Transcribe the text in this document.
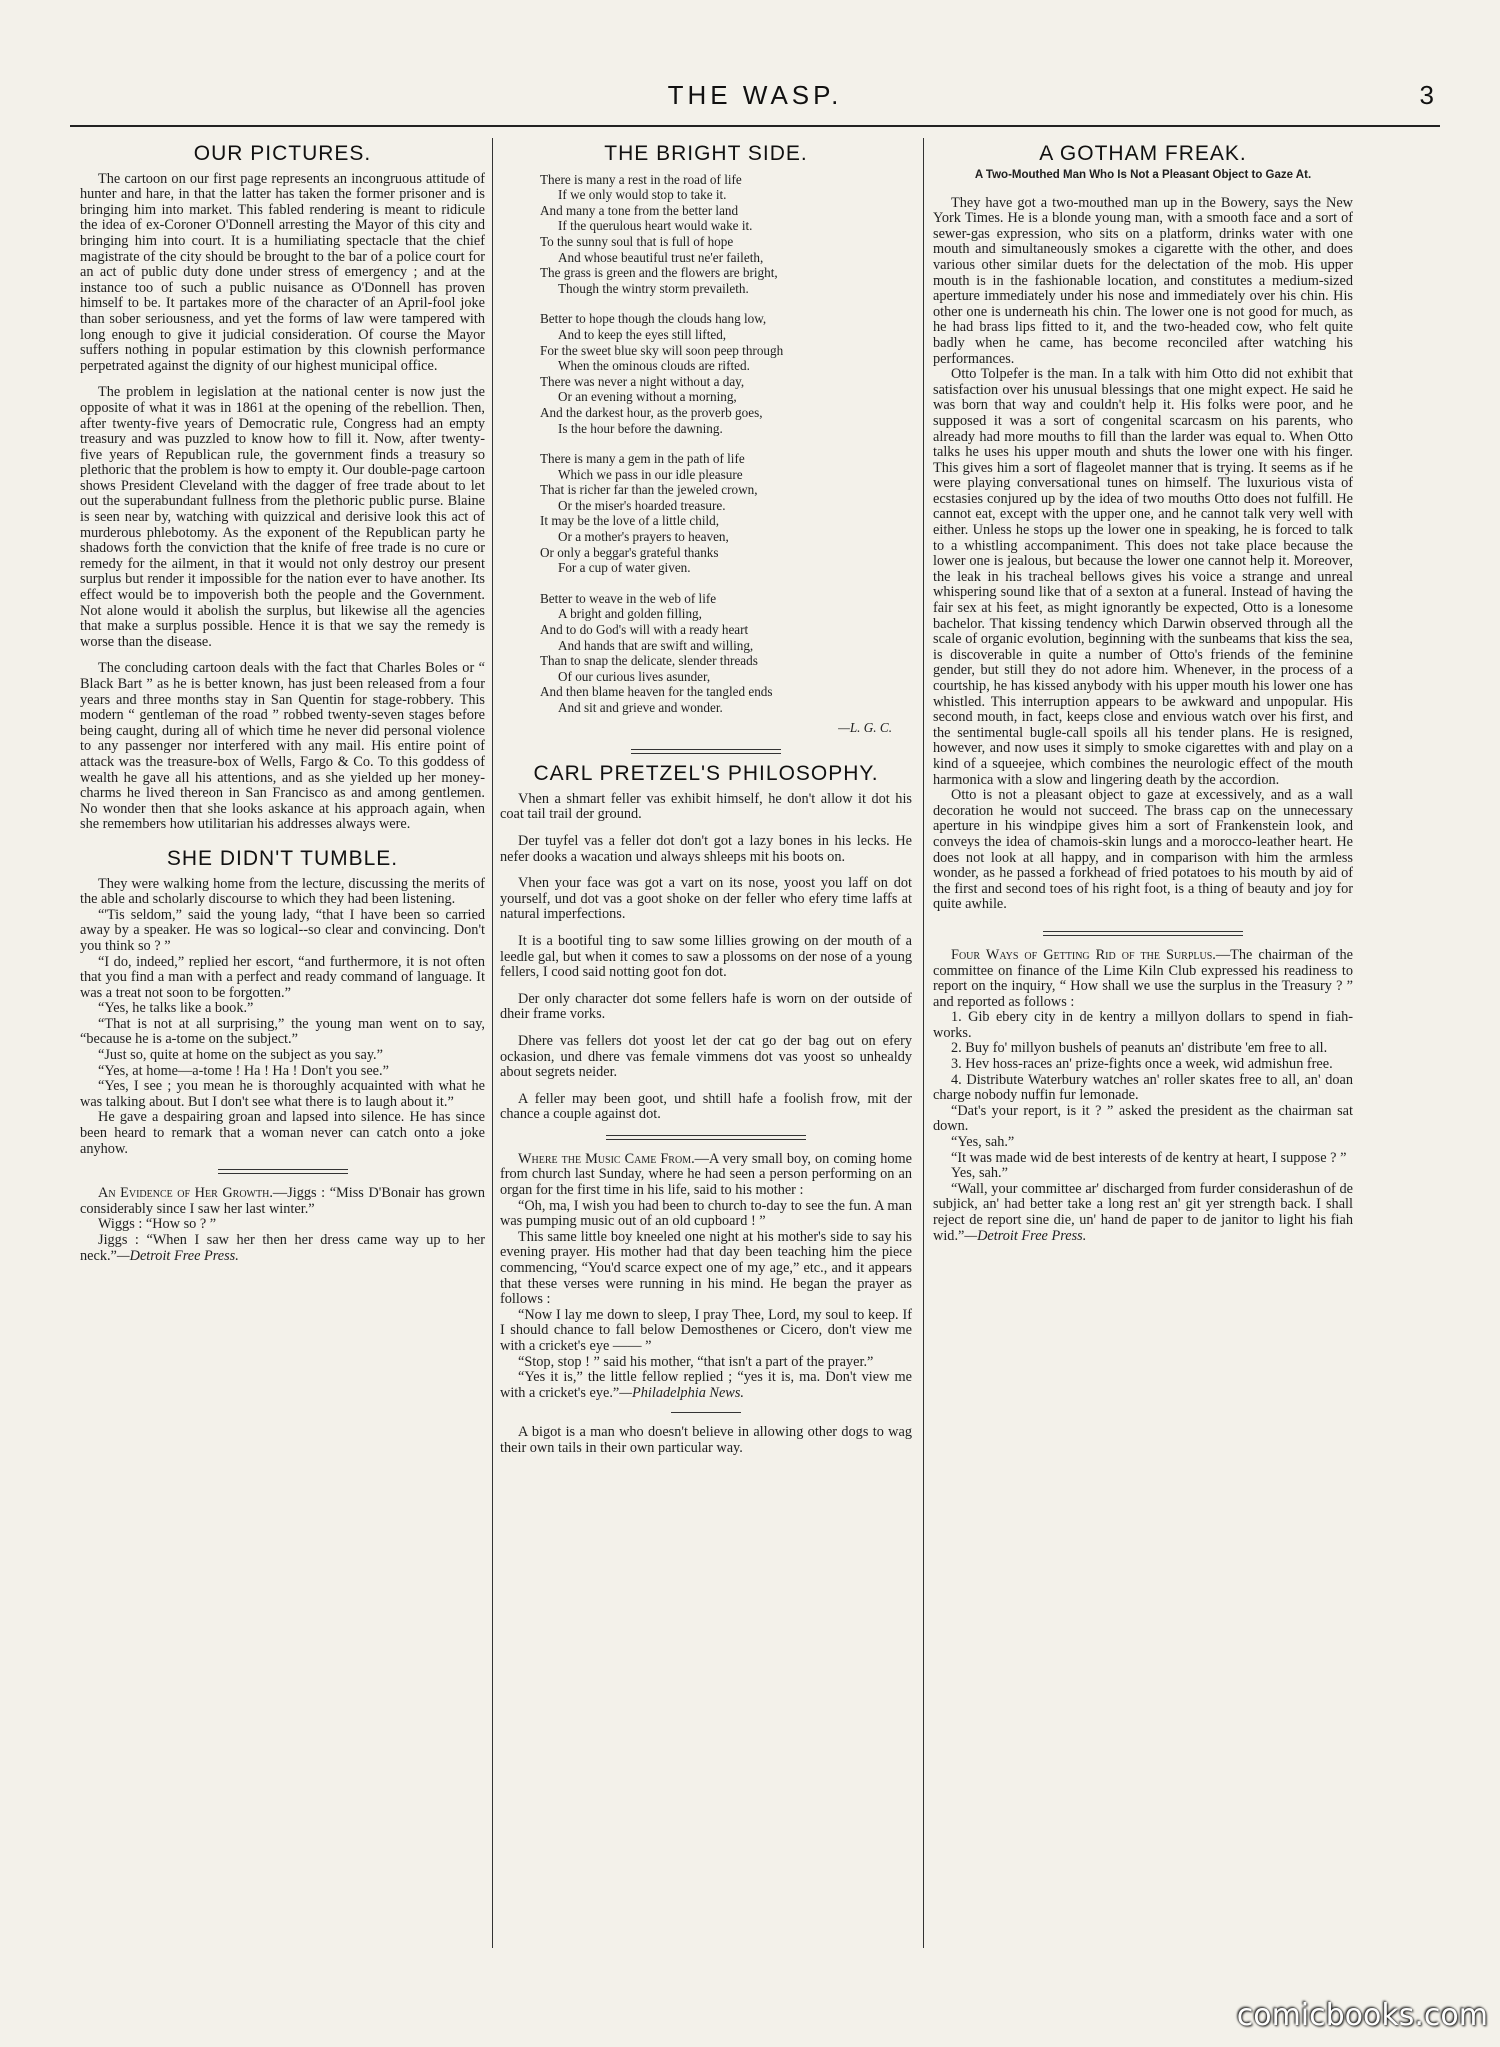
THE WASP.	3
OUR PICTURES.

The cartoon on our first page represents an incongruous attitude of hunter and hare, in that the latter has taken the former prisoner and is bringing him into market. This fabled rendering is meant to ridicule the idea of ex-Coroner O'Donnell arresting the Mayor of this city and bringing him into court. It is a humiliating spectacle that the chief magistrate of the city should be brought to the bar of a police court for an act of public duty done under stress of emergency ; and at the instance too of such a public nuisance as O'Donnell has proven himself to be. It partakes more of the character of an April-fool joke than sober seriousness, and yet the forms of law were tampered with long enough to give it judicial consideration. Of course the Mayor suffers nothing in popular estimation by this clownish performance perpetrated against the dignity of our highest municipal office.

The problem in legislation at the national center is now just the opposite of what it was in 1861 at the opening of the rebellion. Then, after twenty-five years of Democratic rule, Congress had an empty treasury and was puzzled to know how to fill it. Now, after twenty-five years of Republican rule, the government finds a treasury so plethoric that the problem is how to empty it. Our double-page cartoon shows President Cleveland with the dagger of free trade about to let out the superabundant fullness from the plethoric public purse. Blaine is seen near by, watching with quizzical and derisive look this act of murderous phlebotomy. As the exponent of the Republican party he shadows forth the conviction that the knife of free trade is no cure or remedy for the ailment, in that it would not only destroy our present surplus but render it impossible for the nation ever to have another. Its effect would be to impoverish both the people and the Government. Not alone would it abolish the surplus, but likewise all the agencies that make a surplus possible. Hence it is that we say the remedy is worse than the disease.

The concluding cartoon deals with the fact that Charles Boles or “ Black Bart ” as he is better known, has just been released from a four years and three months stay in San Quentin for stage-robbery. This modern “ gentleman of the road ” robbed twenty-seven stages before being caught, during all of which time he never did personal violence to any passenger nor interfered with any mail. His entire point of attack was the treasure-box of Wells, Fargo & Co. To this goddess of wealth he gave all his attentions, and as she yielded up her money-charms he lived thereon in San Francisco as and among gentlemen. No wonder then that she looks askance at his approach again, when she remembers how utilitarian his addresses always were.

SHE DIDN'T TUMBLE.

They were walking home from the lecture, discussing the merits of the able and scholarly discourse to which they had been listening.

“'Tis seldom,” said the young lady, “that I have been so carried away by a speaker. He was so logical--so clear and convincing. Don't you think so ? ”

“I do, indeed,” replied her escort, “and furthermore, it is not often that you find a man with a perfect and ready command of language. It was a treat not soon to be forgotten.”

“Yes, he talks like a book.”

“That is not at all surprising,” the young man went on to say, “because he is a-tome on the subject.”

“Just so, quite at home on the subject as you say.”

“Yes, at home—a-tome ! Ha ! Ha ! Don't you see.”

“Yes, I see ; you mean he is thoroughly acquainted with what he was talking about. But I don't see what there is to laugh about it.”

He gave a despairing groan and lapsed into silence. He has since been heard to remark that a woman never can catch onto a joke anyhow.

An Evidence of Her Growth.—Jiggs : “Miss D'Bonair has grown considerably since I saw her last winter.”

Wiggs : “How so ? ”

Jiggs : “When I saw her then her dress came way up to her neck.”—Detroit Free Press.

THE BRIGHT SIDE.
There is many a rest in the road of life
If we only would stop to take it.
And many a tone from the better land
If the querulous heart would wake it.
To the sunny soul that is full of hope
And whose beautiful trust ne'er faileth,
The grass is green and the flowers are bright,
Though the wintry storm prevaileth.
Better to hope though the clouds hang low,
And to keep the eyes still lifted,
For the sweet blue sky will soon peep through
When the ominous clouds are rifted.
There was never a night without a day,
Or an evening without a morning,
And the darkest hour, as the proverb goes,
Is the hour before the dawning.
There is many a gem in the path of life
Which we pass in our idle pleasure
That is richer far than the jeweled crown,
Or the miser's hoarded treasure.
It may be the love of a little child,
Or a mother's prayers to heaven,
Or only a beggar's grateful thanks
For a cup of water given.
Better to weave in the web of life
A bright and golden filling,
And to do God's will with a ready heart
And hands that are swift and willing,
Than to snap the delicate, slender threads
Of our curious lives asunder,
And then blame heaven for the tangled ends
And sit and grieve and wonder.
—L. G. C.
CARL PRETZEL'S PHILOSOPHY.

Vhen a shmart feller vas exhibit himself, he don't allow it dot his coat tail trail der ground.

Der tuyfel vas a feller dot don't got a lazy bones in his lecks. He nefer dooks a wacation und always shleeps mit his boots on.

Vhen your face was got a vart on its nose, yoost you laff on dot yourself, und dot vas a goot shoke on der feller who efery time laffs at natural imperfections.

It is a bootiful ting to saw some lillies growing on der mouth of a leedle gal, but when it comes to saw a plossoms on der nose of a young fellers, I cood said notting goot fon dot.

Der only character dot some fellers hafe is worn on der outside of dheir frame vorks.

Dhere vas fellers dot yoost let der cat go der bag out on efery ockasion, und dhere vas female vimmens dot vas yoost so unhealdy about segrets neider.

A feller may been goot, und shtill hafe a foolish frow, mit der chance a couple against dot.

Where the Music Came From.—A very small boy, on coming home from church last Sunday, where he had seen a person performing on an organ for the first time in his life, said to his mother :

“Oh, ma, I wish you had been to church to-day to see the fun. A man was pumping music out of an old cupboard ! ”

This same little boy kneeled one night at his mother's side to say his evening prayer. His mother had that day been teaching him the piece commencing, “You'd scarce expect one of my age,” etc., and it appears that these verses were running in his mind. He began the prayer as follows :

“Now I lay me down to sleep, I pray Thee, Lord, my soul to keep. If I should chance to fall below Demosthenes or Cicero, don't view me with a cricket's eye —— ”

“Stop, stop ! ” said his mother, “that isn't a part of the prayer.”

“Yes it is,” the little fellow replied ; “yes it is, ma. Don't view me with a cricket's eye.”—Philadelphia News.

A bigot is a man who doesn't believe in allowing other dogs to wag their own tails in their own particular way.

A GOTHAM FREAK.
A Two-Mouthed Man Who Is Not a Pleasant Object to Gaze At.

They have got a two-mouthed man up in the Bowery, says the New York Times. He is a blonde young man, with a smooth face and a sort of sewer-gas expression, who sits on a platform, drinks water with one mouth and simultaneously smokes a cigarette with the other, and does various other similar duets for the delectation of the mob. His upper mouth is in the fashionable location, and constitutes a medium-sized aperture immediately under his nose and immediately over his chin. His other one is underneath his chin. The lower one is not good for much, as he had brass lips fitted to it, and the two-headed cow, who felt quite badly when he came, has become reconciled after watching his performances.

Otto Tolpefer is the man. In a talk with him Otto did not exhibit that satisfaction over his unusual blessings that one might expect. He said he was born that way and couldn't help it. His folks were poor, and he supposed it was a sort of congenital scarcasm on his parents, who already had more mouths to fill than the larder was equal to. When Otto talks he uses his upper mouth and shuts the lower one with his finger. This gives him a sort of flageolet manner that is trying. It seems as if he were playing conversational tunes on himself. The luxurious vista of ecstasies conjured up by the idea of two mouths Otto does not fulfill. He cannot eat, except with the upper one, and he cannot talk very well with either. Unless he stops up the lower one in speaking, he is forced to talk to a whistling accompaniment. This does not take place because the lower one is jealous, but because the lower one cannot help it. Moreover, the leak in his tracheal bellows gives his voice a strange and unreal whispering sound like that of a sexton at a funeral. Instead of having the fair sex at his feet, as might ignorantly be expected, Otto is a lonesome bachelor. That kissing tendency which Darwin observed through all the scale of organic evolution, beginning with the sunbeams that kiss the sea, is discoverable in quite a number of Otto's friends of the feminine gender, but still they do not adore him. Whenever, in the process of a courtship, he has kissed anybody with his upper mouth his lower one has whistled. This interruption appears to be awkward and unpopular. His second mouth, in fact, keeps close and envious watch over his first, and the sentimental bugle-call spoils all his tender plans. He is resigned, however, and now uses it simply to smoke cigarettes with and play on a kind of a squeejee, which combines the neurologic effect of the mouth harmonica with a slow and lingering death by the accordion.

Otto is not a pleasant object to gaze at excessively, and as a wall decoration he would not succeed. The brass cap on the unnecessary aperture in his windpipe gives him a sort of Frankenstein look, and conveys the idea of chamois-skin lungs and a morocco-leather heart. He does not look at all happy, and in comparison with him the armless wonder, as he passed a forkhead of fried potatoes to his mouth by aid of the first and second toes of his right foot, is a thing of beauty and joy for quite awhile.

Four Ways of Getting Rid of the Surplus.—The chairman of the committee on finance of the Lime Kiln Club expressed his readiness to report on the inquiry, “ How shall we use the surplus in the Treasury ? ” and reported as follows :

1. Gib ebery city in de kentry a millyon dollars to spend in fiah-works.

2. Buy fo' millyon bushels of peanuts an' distribute 'em free to all.

3. Hev hoss-races an' prize-fights once a week, wid admishun free.

4. Distribute Waterbury watches an' roller skates free to all, an' doan charge nobody nuffin fur lemonade.

“Dat's your report, is it ? ” asked the president as the chairman sat down.

“Yes, sah.”

“It was made wid de best interests of de kentry at heart, I suppose ? ”

Yes, sah.”

“Wall, your committee ar' discharged from furder considerashun of de subjick, an' had better take a long rest an' git yer strength back. I shall reject de report sine die, un' hand de paper to de janitor to light his fiah wid.”—Detroit Free Press.

comicbooks.com
